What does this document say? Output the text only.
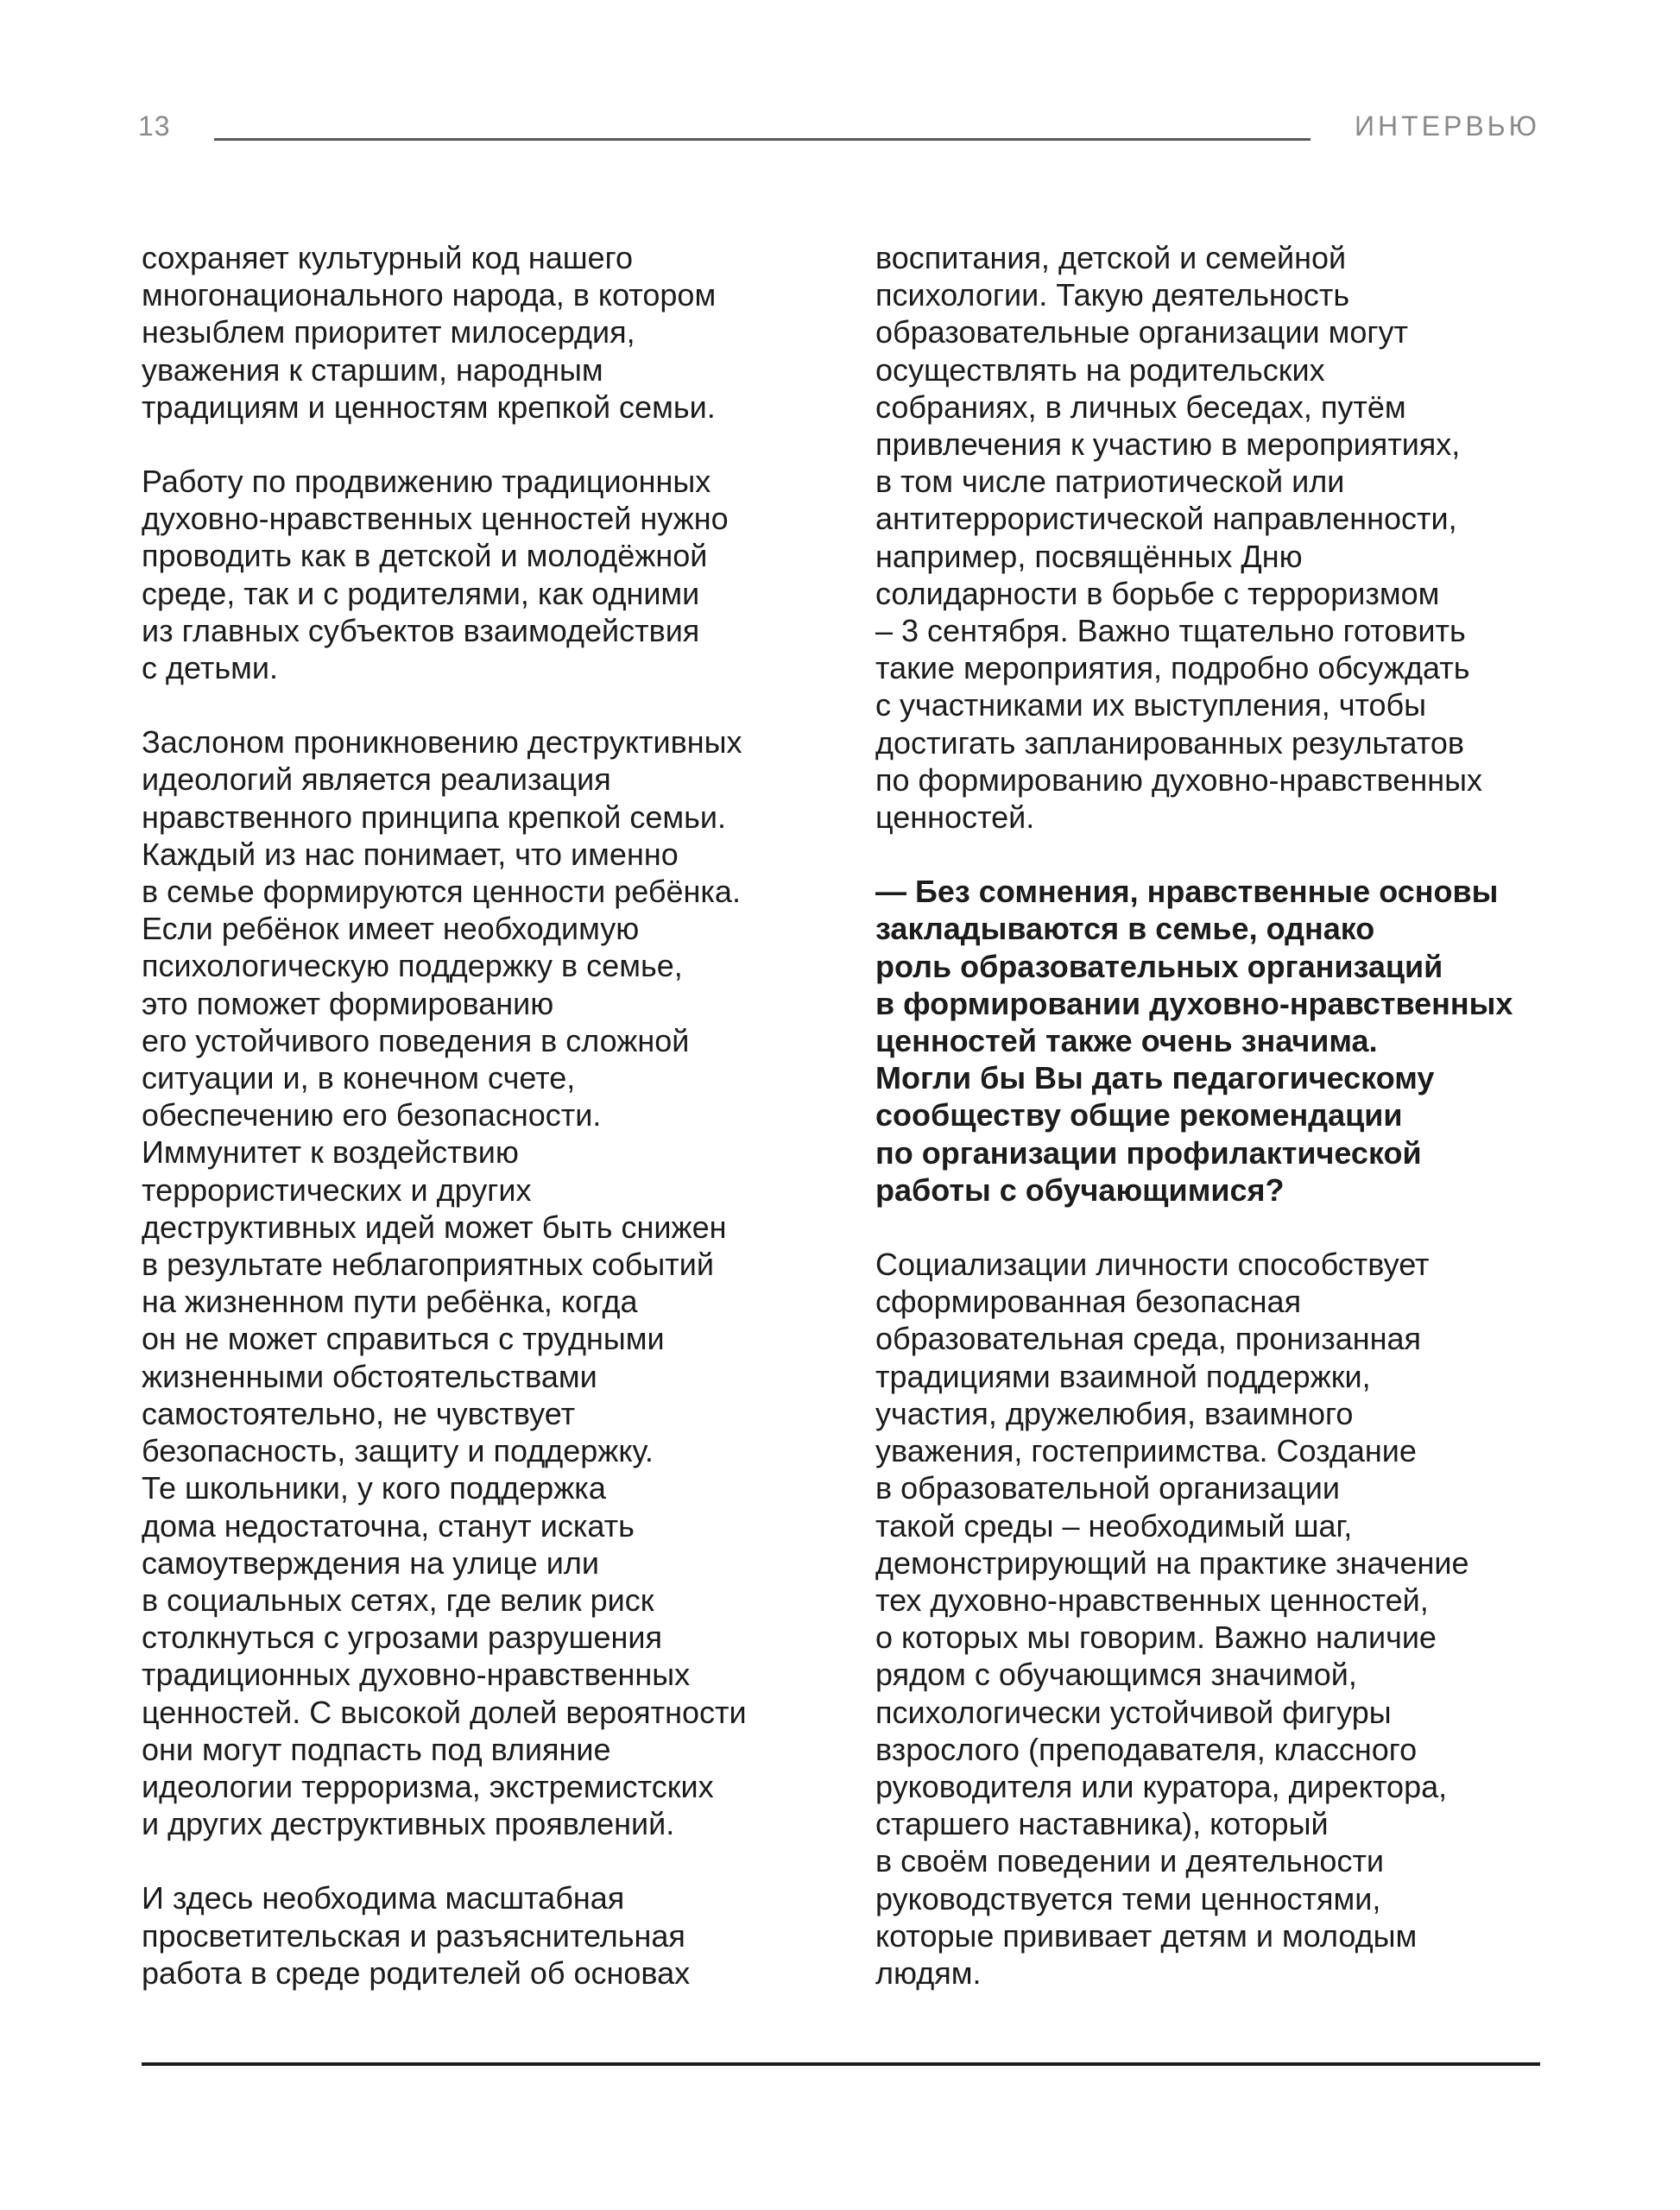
13	ИНТЕРВЬЮ

сохраняет культурный код нашего
многонационального народа, в котором
незыблем приоритет милосердия,
уважения к старшим, народным
традициям и ценностям крепкой семьи.

Работу по продвижению традиционных
духовно-нравственных ценностей нужно
проводить как в детской и молодёжной
среде, так и с родителями, как одними
из главных субъектов взаимодействия
с детьми.

Заслоном проникновению деструктивных
идеологий является реализация
нравственного принципа крепкой семьи.
Каждый из нас понимает, что именно
в семье формируются ценности ребёнка.
Если ребёнок имеет необходимую
психологическую поддержку в семье,
это поможет формированию
его устойчивого поведения в сложной
ситуации и, в конечном счете,
обеспечению его безопасности.
Иммунитет к воздействию
террористических и других
деструктивных идей может быть снижен
в результате неблагоприятных событий
на жизненном пути ребёнка, когда
он не может справиться с трудными
жизненными обстоятельствами
самостоятельно, не чувствует
безопасность, защиту и поддержку.
Те школьники, у кого поддержка
дома недостаточна, станут искать
самоутверждения на улице или
в социальных сетях, где велик риск
столкнуться с угрозами разрушения
традиционных духовно-нравственных
ценностей. С высокой долей вероятности
они могут подпасть под влияние
идеологии терроризма, экстремистских
и других деструктивных проявлений.

И здесь необходима масштабная
просветительская и разъяснительная
работа в среде родителей об основах

воспитания, детской и семейной
психологии. Такую деятельность
образовательные организации могут
осуществлять на родительских
собраниях, в личных беседах, путём
привлечения к участию в мероприятиях,
в том числе патриотической или
антитеррористической направленности,
например, посвящённых Дню
солидарности в борьбе с терроризмом
– 3 сентября. Важно тщательно готовить
такие мероприятия, подробно обсуждать
с участниками их выступления, чтобы
достигать запланированных результатов
по формированию духовно-нравственных
ценностей.

— Без сомнения, нравственные основы
закладываются в семье, однако
роль образовательных организаций
в формировании духовно-нравственных
ценностей также очень значима.
Могли бы Вы дать педагогическому
сообществу общие рекомендации
по организации профилактической
работы с обучающимися?

Социализации личности способствует
сформированная безопасная
образовательная среда, пронизанная
традициями взаимной поддержки,
участия, дружелюбия, взаимного
уважения, гостеприимства. Создание
в образовательной организации
такой среды – необходимый шаг,
демонстрирующий на практике значение
тех духовно-нравственных ценностей,
о которых мы говорим. Важно наличие
рядом с обучающимся значимой,
психологически устойчивой фигуры
взрослого (преподавателя, классного
руководителя или куратора, директора,
старшего наставника), который
в своём поведении и деятельности
руководствуется теми ценностями,
которые прививает детям и молодым
людям.
